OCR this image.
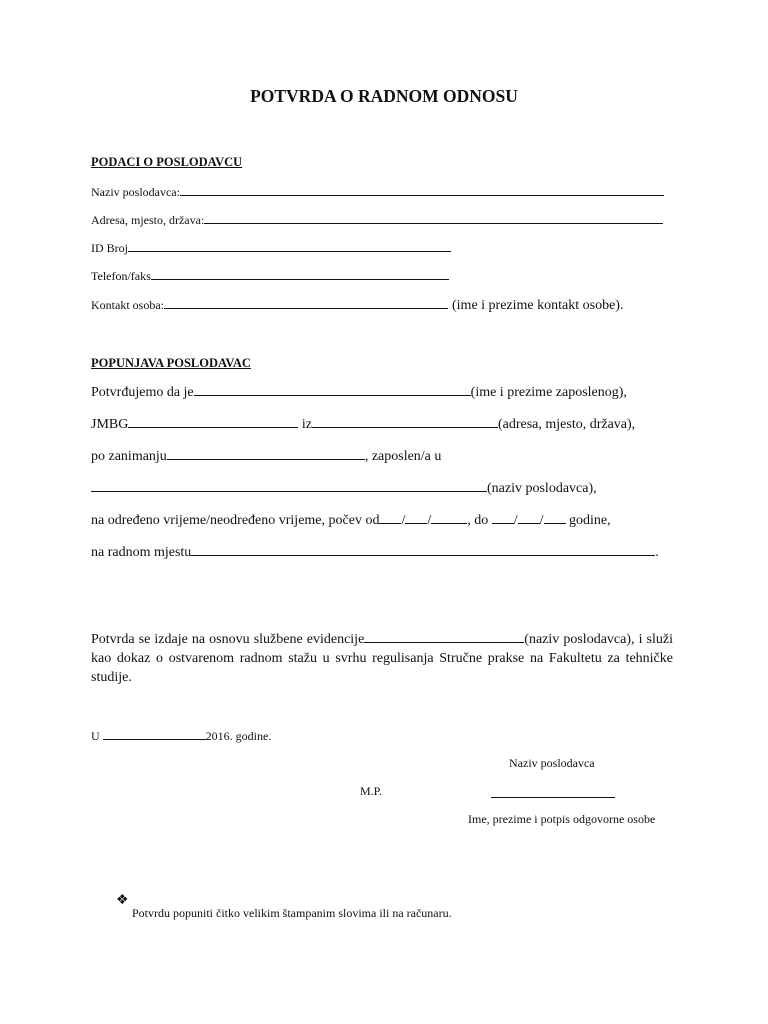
POTVRDA O RADNOM ODNOSU
PODACI O POSLODAVCU
Naziv poslodavca:
Adresa, mjesto, država:
ID Broj
Telefon/faks
Kontakt osoba:	(ime i prezime kontakt osobe).
POPUNJAVA POSLODAVAC
Potvrđujemo da je	(ime i prezime zaposlenog),
JMBG	iz	(adresa, mjesto, država),
po zanimanju	, zaposlen/a u
(naziv poslodavca),
na određeno vrijeme/neodređeno vrijeme, počev od / /	, do / / godine,
na radnom mjestu	.
Potvrda se izdaje na osnovu službene evidencije	(naziv poslodavca), i služi kao dokaz o ostvarenom radnom stažu u svrhu regulisanja Stručne prakse na Fakultetu za tehničke studije.
U	2016. godine.
Naziv poslodavca
M.P.
Ime, prezime i potpis odgovorne osobe
❖
Potvrdu popuniti čitko velikim štampanim slovima ili na računaru.
